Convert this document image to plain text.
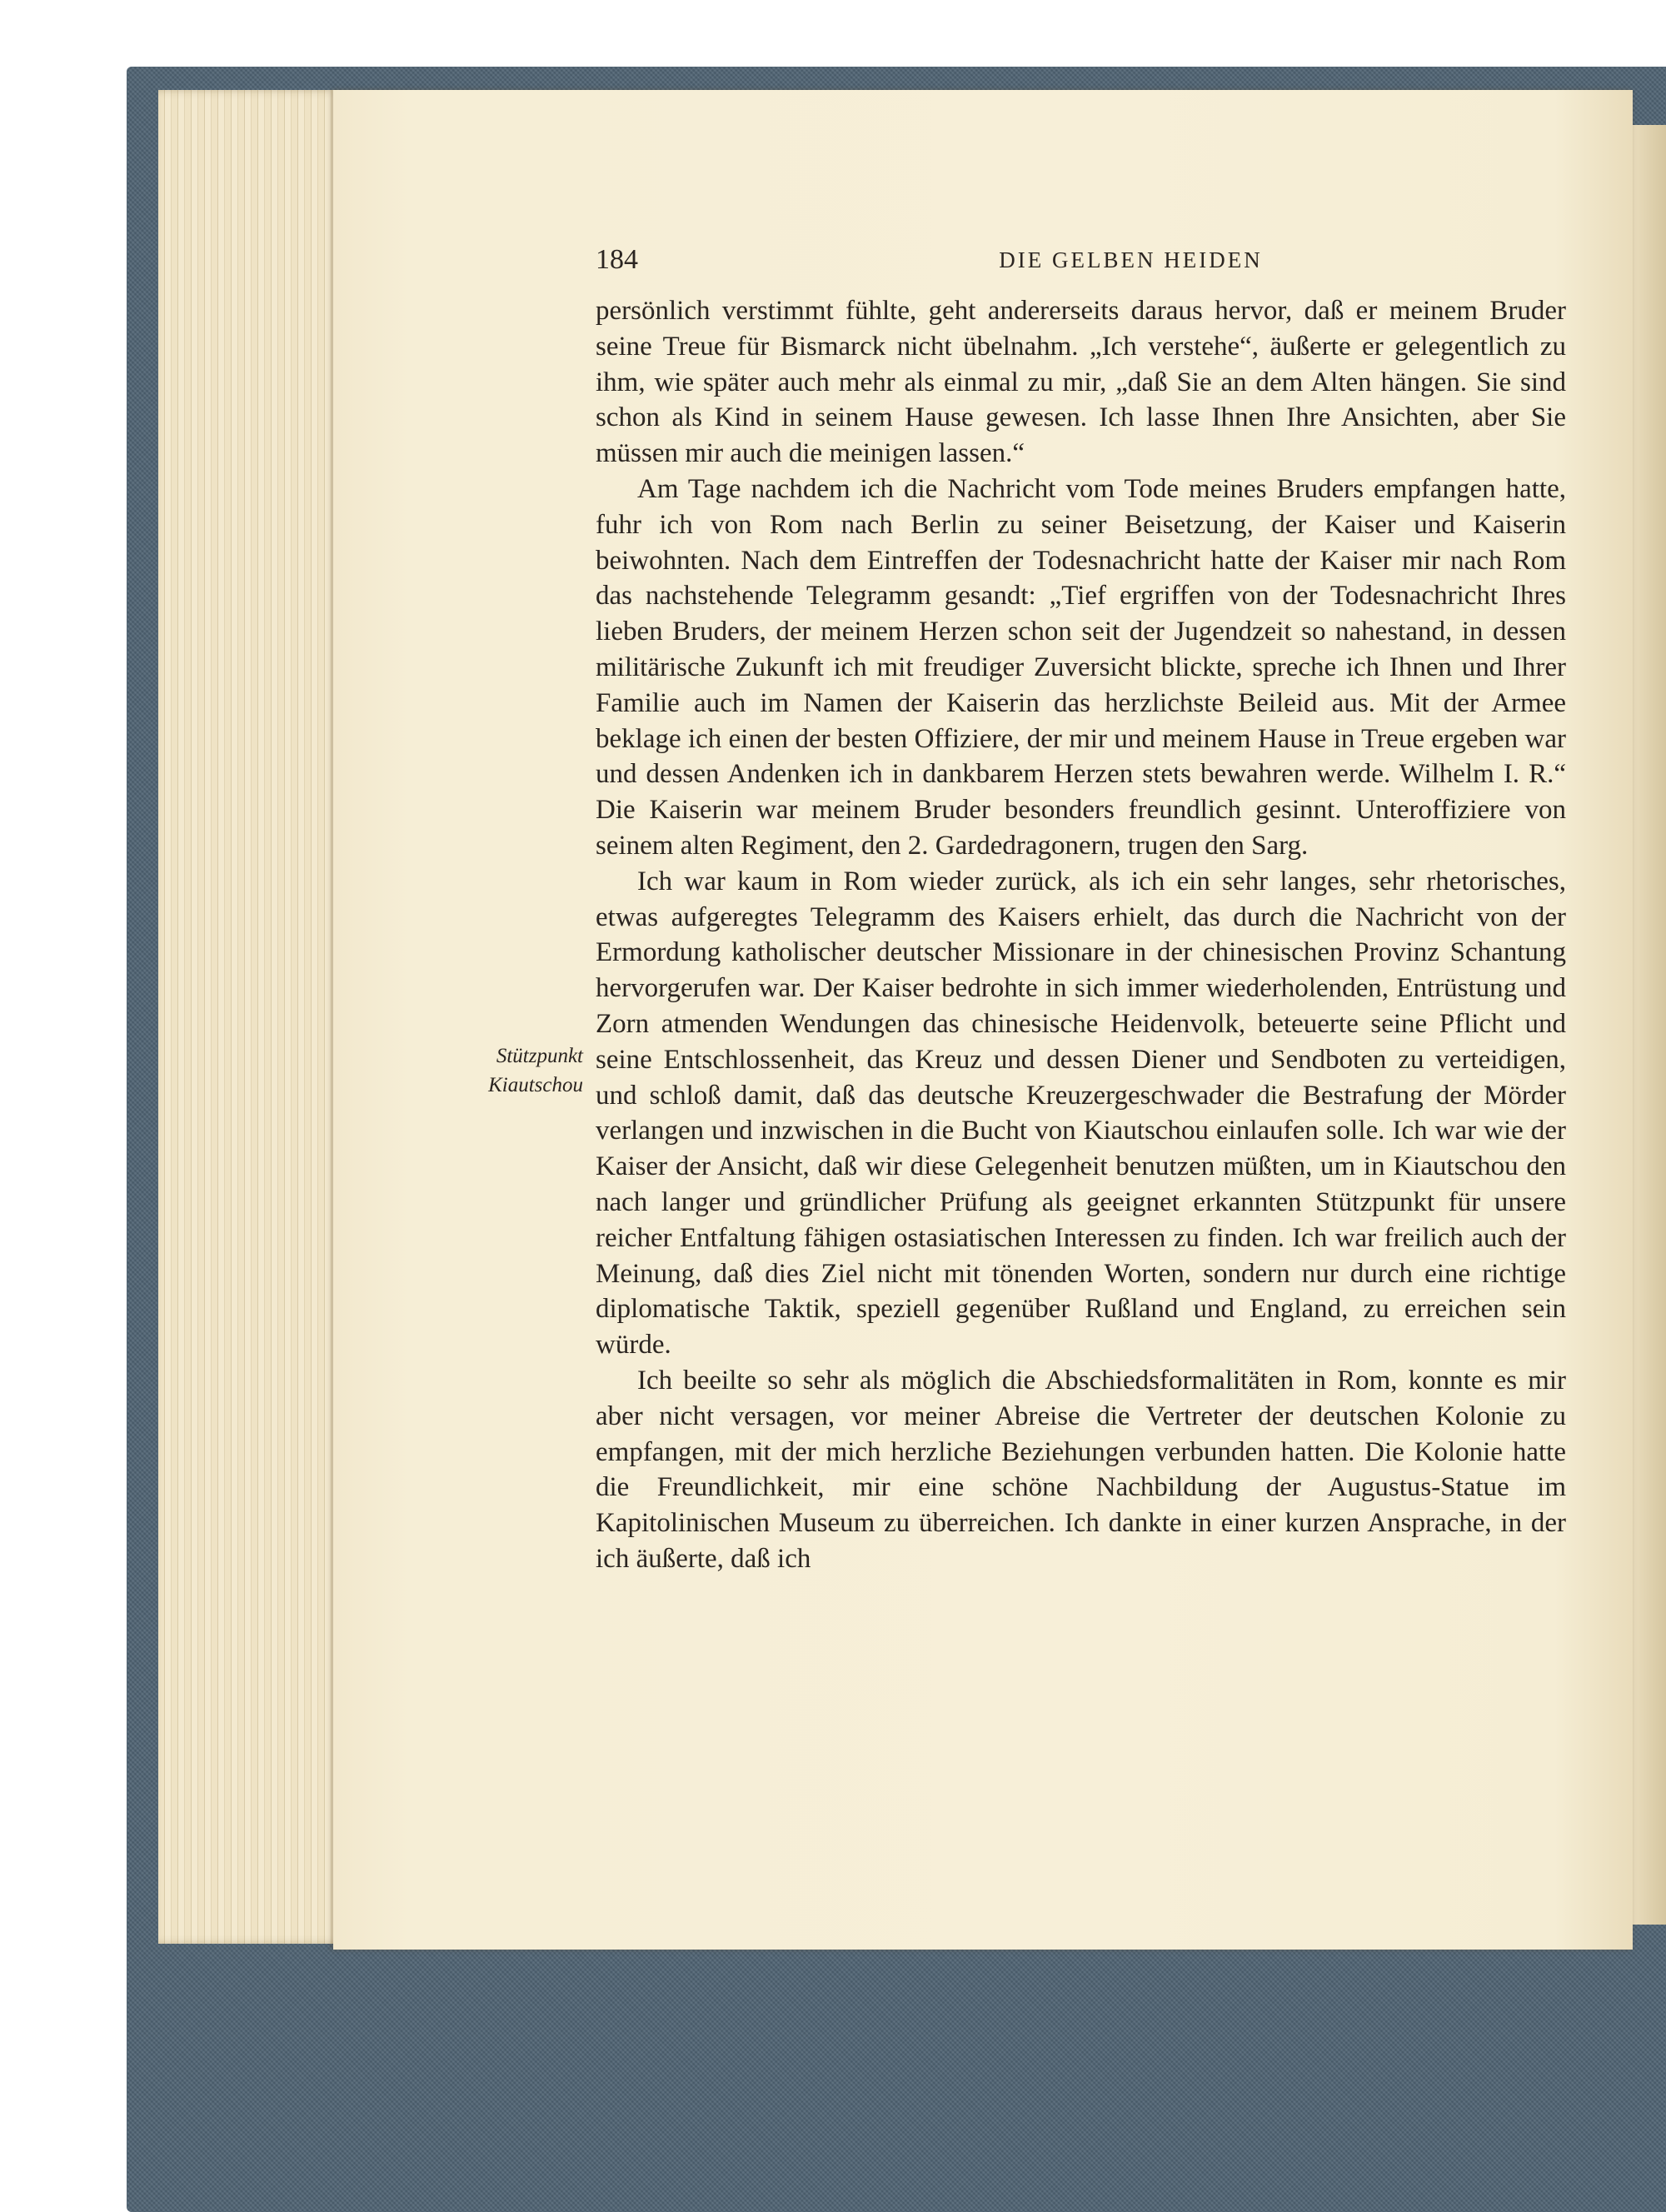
184	DIE GELBEN HEIDEN
Stützpunkt
Kiautschou

persönlich verstimmt fühlte, geht andererseits daraus hervor, daß er meinem Bruder seine Treue für Bismarck nicht übelnahm. „Ich verstehe“, äußerte er gelegentlich zu ihm, wie später auch mehr als einmal zu mir, „daß Sie an dem Alten hängen. Sie sind schon als Kind in seinem Hause gewesen. Ich lasse Ihnen Ihre Ansichten, aber Sie müssen mir auch die meinigen lassen.“

Am Tage nachdem ich die Nachricht vom Tode meines Bruders empfangen hatte, fuhr ich von Rom nach Berlin zu seiner Beisetzung, der Kaiser und Kaiserin beiwohnten. Nach dem Eintreffen der Todesnachricht hatte der Kaiser mir nach Rom das nachstehende Telegramm gesandt: „Tief ergriffen von der Todesnachricht Ihres lieben Bruders, der meinem Herzen schon seit der Jugendzeit so nahestand, in dessen militärische Zukunft ich mit freudiger Zuversicht blickte, spreche ich Ihnen und Ihrer Familie auch im Namen der Kaiserin das herzlichste Beileid aus. Mit der Armee beklage ich einen der besten Offiziere, der mir und meinem Hause in Treue ergeben war und dessen Andenken ich in dankbarem Herzen stets bewahren werde. Wilhelm I. R.“ Die Kaiserin war meinem Bruder besonders freundlich gesinnt. Unteroffiziere von seinem alten Regiment, den 2. Gardedragonern, trugen den Sarg.

Ich war kaum in Rom wieder zurück, als ich ein sehr langes, sehr rhetorisches, etwas aufgeregtes Telegramm des Kaisers erhielt, das durch die Nachricht von der Ermordung katholischer deutscher Missionare in der chinesischen Provinz Schantung hervorgerufen war. Der Kaiser bedrohte in sich immer wiederholenden, Entrüstung und Zorn atmenden Wendungen das chinesische Heidenvolk, beteuerte seine Pflicht und seine Entschlossenheit, das Kreuz und dessen Diener und Sendboten zu verteidigen, und schloß damit, daß das deutsche Kreuzergeschwader die Bestrafung der Mörder verlangen und inzwischen in die Bucht von Kiautschou einlaufen solle. Ich war wie der Kaiser der Ansicht, daß wir diese Gelegenheit benutzen müßten, um in Kiautschou den nach langer und gründlicher Prüfung als geeignet erkannten Stützpunkt für unsere reicher Entfaltung fähigen ostasiatischen Interessen zu finden. Ich war freilich auch der Meinung, daß dies Ziel nicht mit tönenden Worten, sondern nur durch eine richtige diplomatische Taktik, speziell gegenüber Rußland und England, zu erreichen sein würde.

Ich beeilte so sehr als möglich die Abschiedsformalitäten in Rom, konnte es mir aber nicht versagen, vor meiner Abreise die Vertreter der deutschen Kolonie zu empfangen, mit der mich herzliche Beziehungen verbunden hatten. Die Kolonie hatte die Freundlichkeit, mir eine schöne Nachbildung der Augustus-Statue im Kapitolinischen Museum zu überreichen. Ich dankte in einer kurzen Ansprache, in der ich äußerte, daß ich
